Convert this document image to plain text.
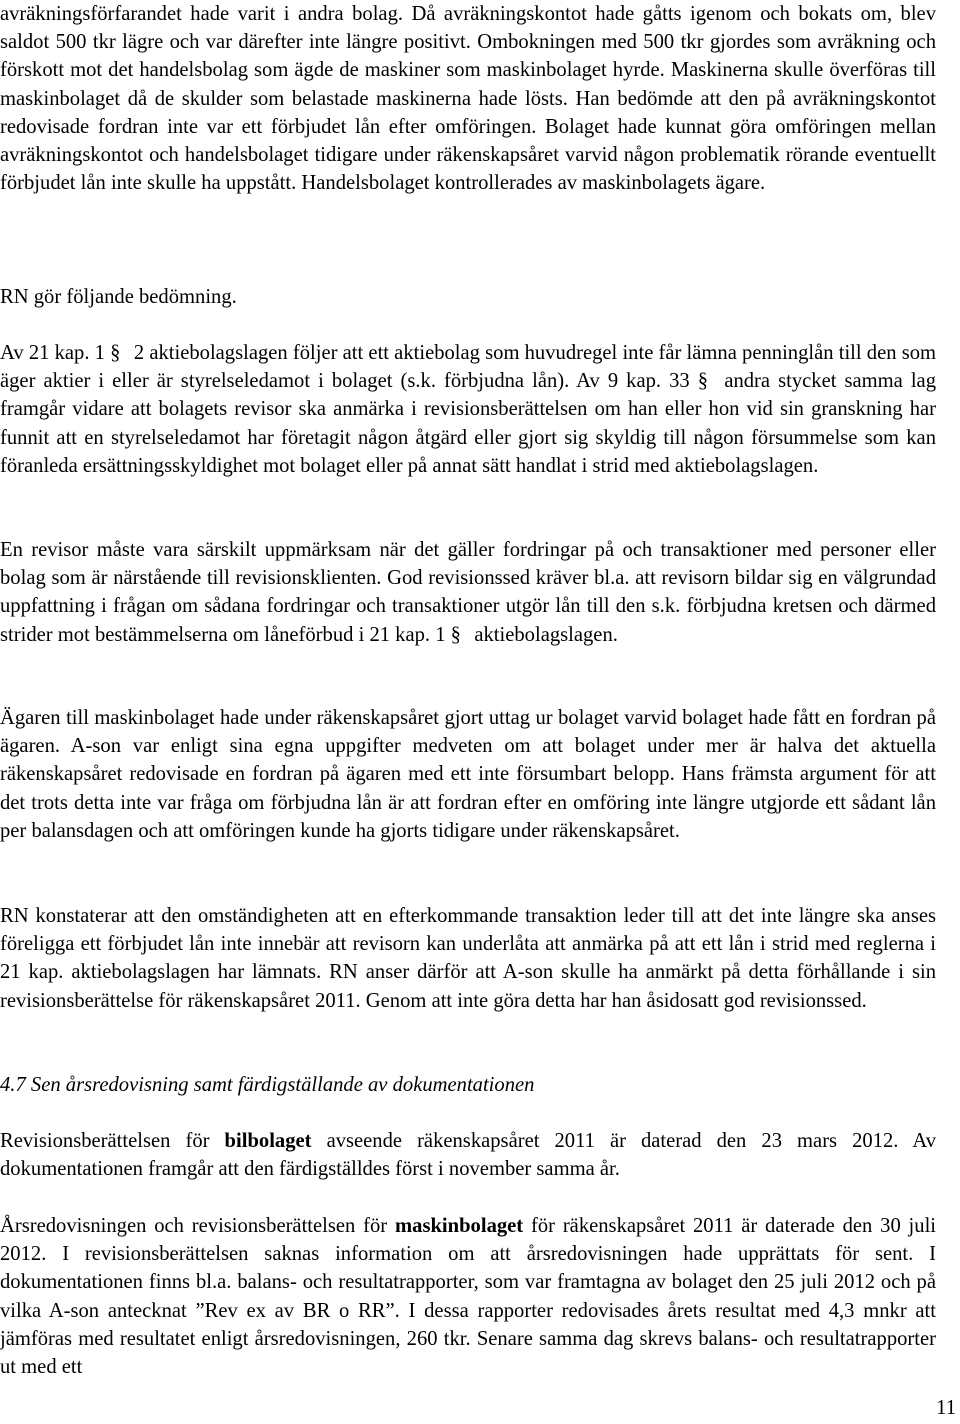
avräkningsförfarandet hade varit i andra bolag. Då avräkningskontot hade gåtts igenom och bokats om, blev saldot 500 tkr lägre och var därefter inte längre positivt. Ombokningen med 500 tkr gjordes som avräkning och förskott mot det handelsbolag som ägde de maskiner som maskinbolaget hyrde. Maskinerna skulle överföras till maskinbolaget då de skulder som belastade maskinerna hade lösts. Han bedömde att den på avräkningskontot redovisade fordran inte var ett förbjudet lån efter omföringen. Bolaget hade kunnat göra omföringen mellan avräkningskontot och handelsbolaget tidigare under räkenskapsåret varvid någon problematik rörande eventuellt förbjudet lån inte skulle ha uppstått. Handelsbolaget kontrollerades av maskinbolagets ägare.

RN gör följande bedömning.

Av 21 kap. 1 § 2 aktiebolagslagen följer att ett aktiebolag som huvudregel inte får lämna penninglån till den som äger aktier i eller är styrelseledamot i bolaget (s.k. förbjudna lån). Av 9 kap. 33 § andra stycket samma lag framgår vidare att bolagets revisor ska anmärka i revisionsberättelsen om han eller hon vid sin granskning har funnit att en styrelseledamot har företagit någon åtgärd eller gjort sig skyldig till någon försummelse som kan föranleda ersättningsskyldighet mot bolaget eller på annat sätt handlat i strid med aktiebolagslagen.

En revisor måste vara särskilt uppmärksam när det gäller fordringar på och transaktioner med personer eller bolag som är närstående till revisionsklienten. God revisionssed kräver bl.a. att revisorn bildar sig en välgrundad uppfattning i frågan om sådana fordringar och transaktioner utgör lån till den s.k. förbjudna kretsen och därmed strider mot bestämmelserna om låneförbud i 21 kap. 1 § aktiebolagslagen.

Ägaren till maskinbolaget hade under räkenskapsåret gjort uttag ur bolaget varvid bolaget hade fått en fordran på ägaren. A-son var enligt sina egna uppgifter medveten om att bolaget under mer är halva det aktuella räkenskapsåret redovisade en fordran på ägaren med ett inte försumbart belopp. Hans främsta argument för att det trots detta inte var fråga om förbjudna lån är att fordran efter en omföring inte längre utgjorde ett sådant lån per balansdagen och att omföringen kunde ha gjorts tidigare under räkenskapsåret.

RN konstaterar att den omständigheten att en efterkommande transaktion leder till att det inte längre ska anses föreligga ett förbjudet lån inte innebär att revisorn kan underlåta att anmärka på att ett lån i strid med reglerna i 21 kap. aktiebolagslagen har lämnats. RN anser därför att A-son skulle ha anmärkt på detta förhållande i sin revisionsberättelse för räkenskapsåret 2011. Genom att inte göra detta har han åsidosatt god revisionssed.

4.7 Sen årsredovisning samt färdigställande av dokumentationen

Revisionsberättelsen för bilbolaget avseende räkenskapsåret 2011 är daterad den 23 mars 2012. Av dokumentationen framgår att den färdigställdes först i november samma år.

Årsredovisningen och revisionsberättelsen för maskinbolaget för räkenskapsåret 2011 är daterade den 30 juli 2012. I revisionsberättelsen saknas information om att årsredovisningen hade upprättats för sent. I dokumentationen finns bl.a. balans- och resultatrapporter, som var framtagna av bolaget den 25 juli 2012 och på vilka A-son antecknat ”Rev ex av BR o RR”. I dessa rapporter redovisades årets resultat med 4,3 mnkr att jämföras med resultatet enligt årsredovisningen, 260 tkr. Senare samma dag skrevs balans- och resultatrapporter ut med ett

11
